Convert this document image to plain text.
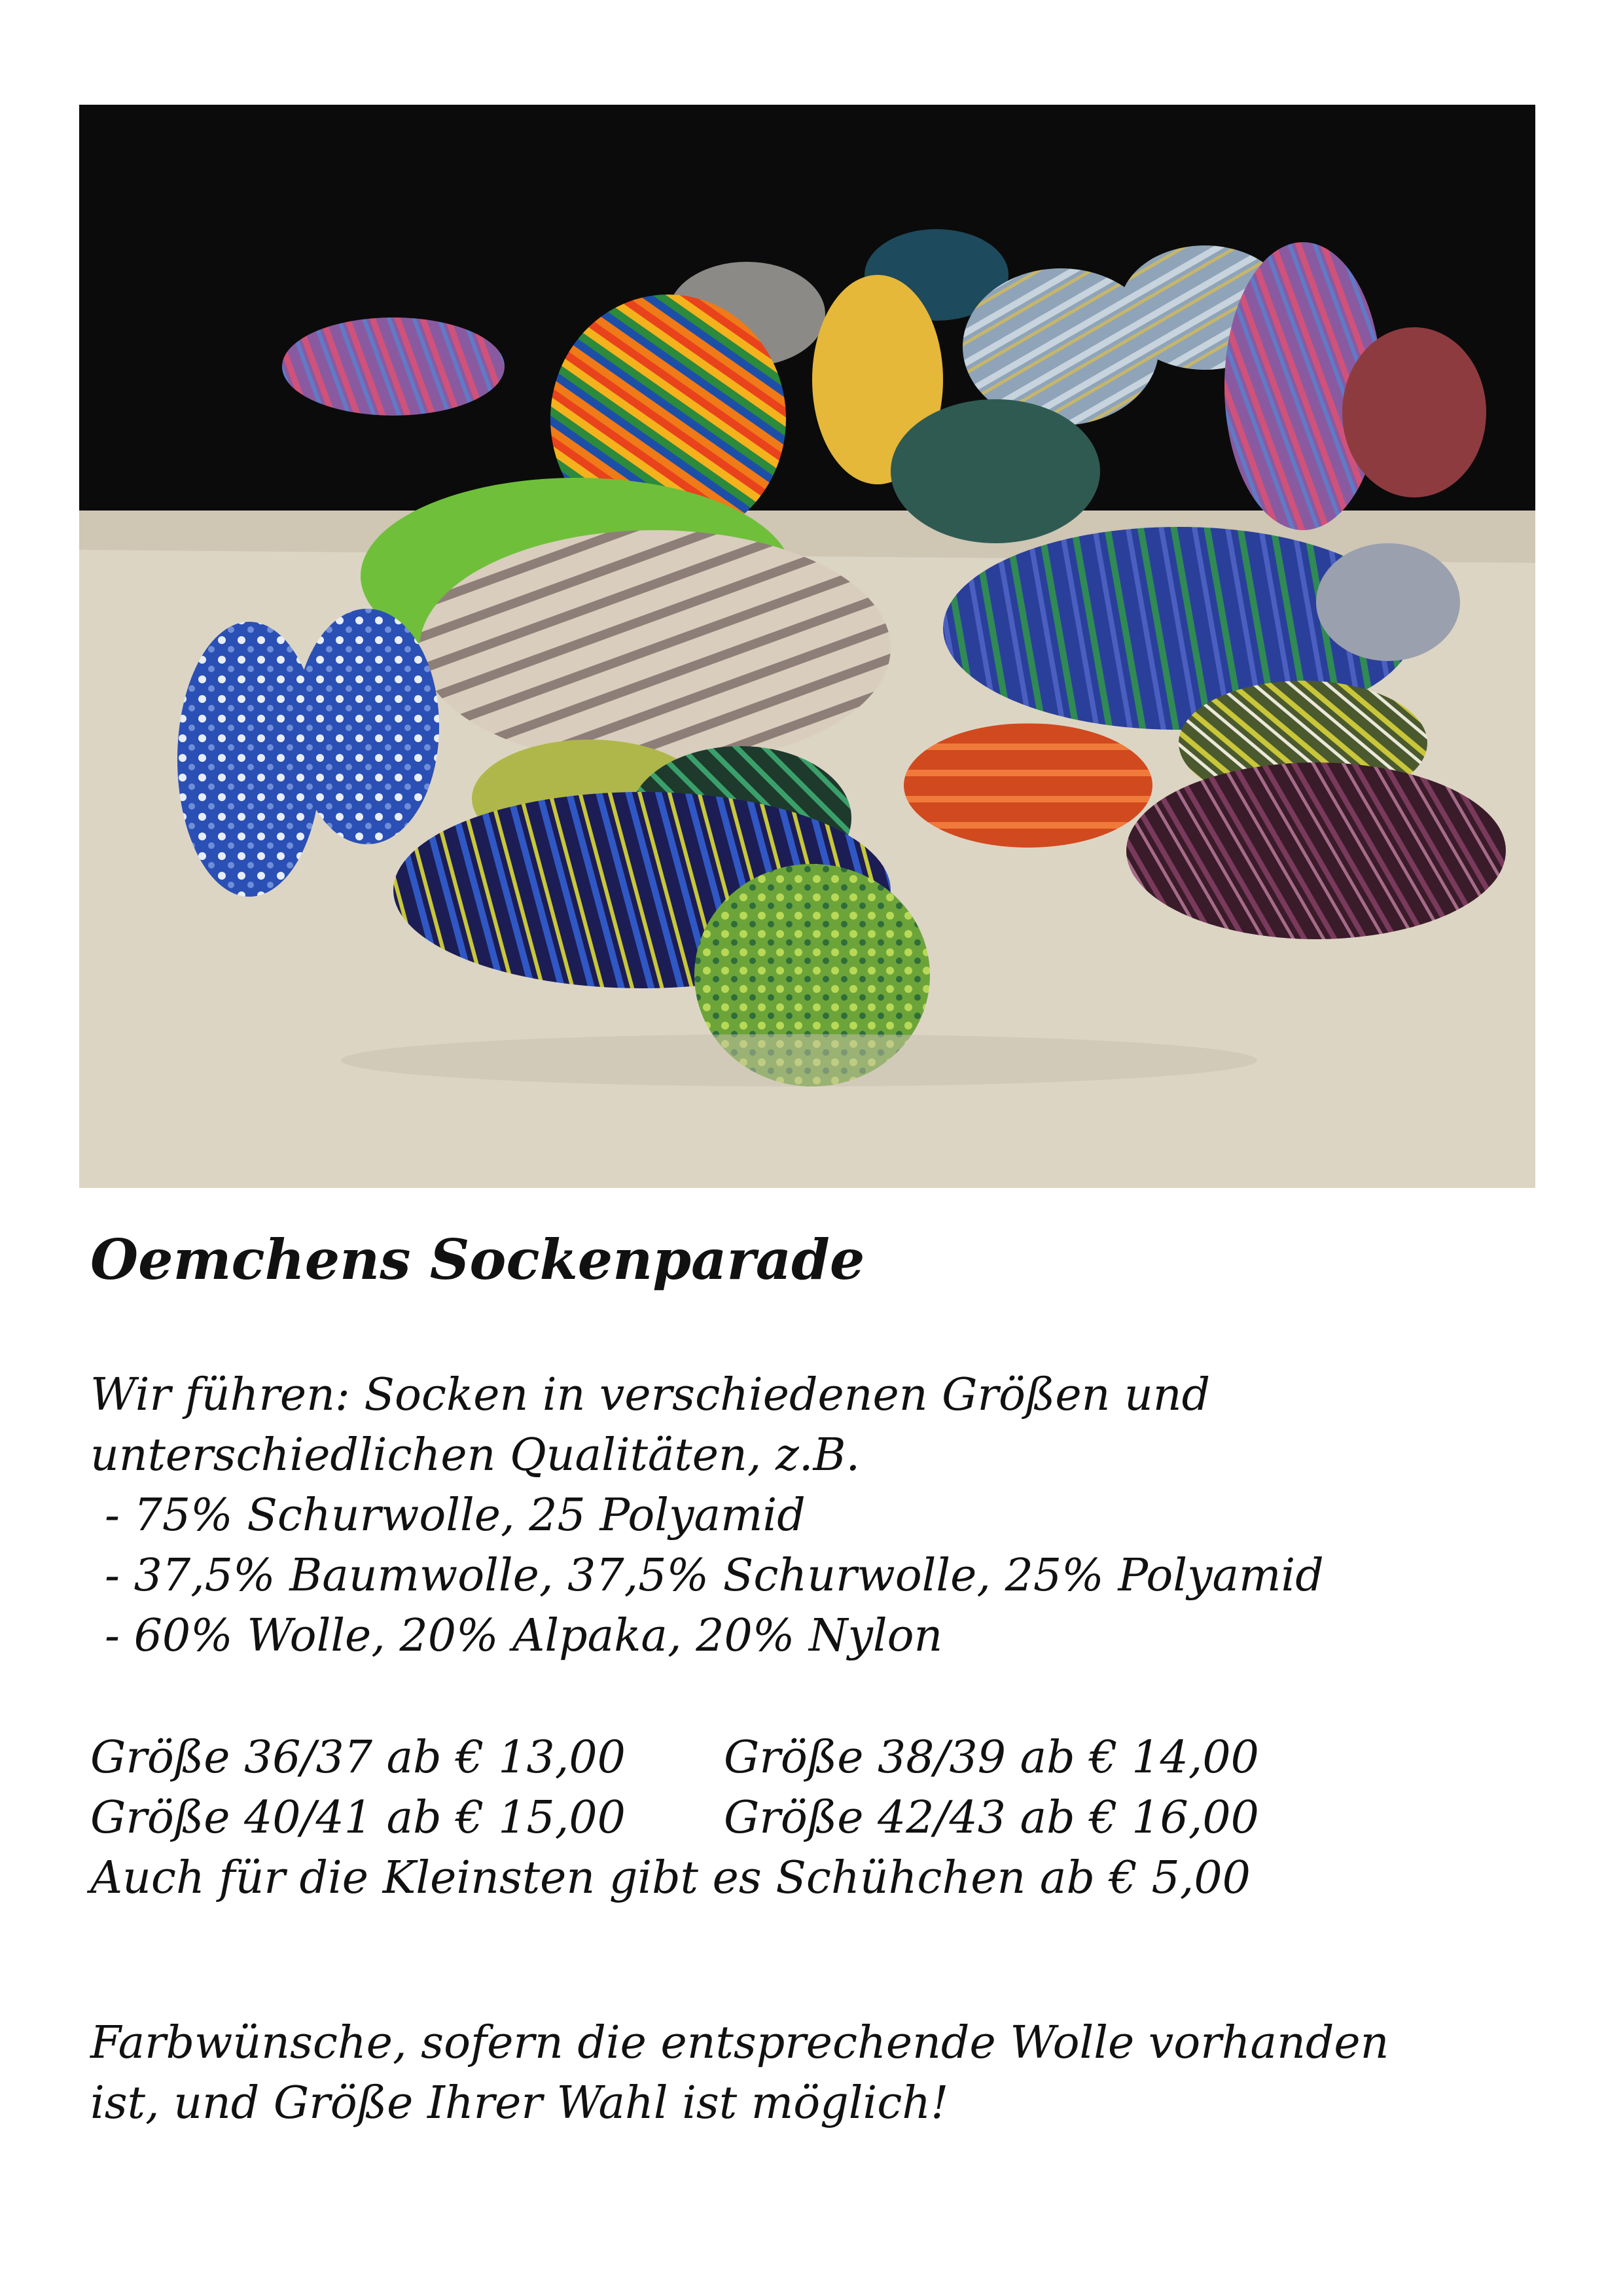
Oemchens Sockenparade
Wir führen: Socken in verschiedenen Größen und
unterschiedlichen Qualitäten, z.B.
- 75% Schurwolle, 25 Polyamid
- 37,5% Baumwolle, 37,5% Schurwolle, 25% Polyamid
- 60% Wolle, 20% Alpaka, 20% Nylon
Größe 36/37 ab € 13,00 Größe 38/39 ab € 14,00
Größe 40/41 ab € 15,00 Größe 42/43 ab € 16,00
Auch für die Kleinsten gibt es Schühchen ab € 5,00
Farbwünsche, sofern die entsprechende Wolle vorhanden
ist, und Größe Ihrer Wahl ist möglich!
